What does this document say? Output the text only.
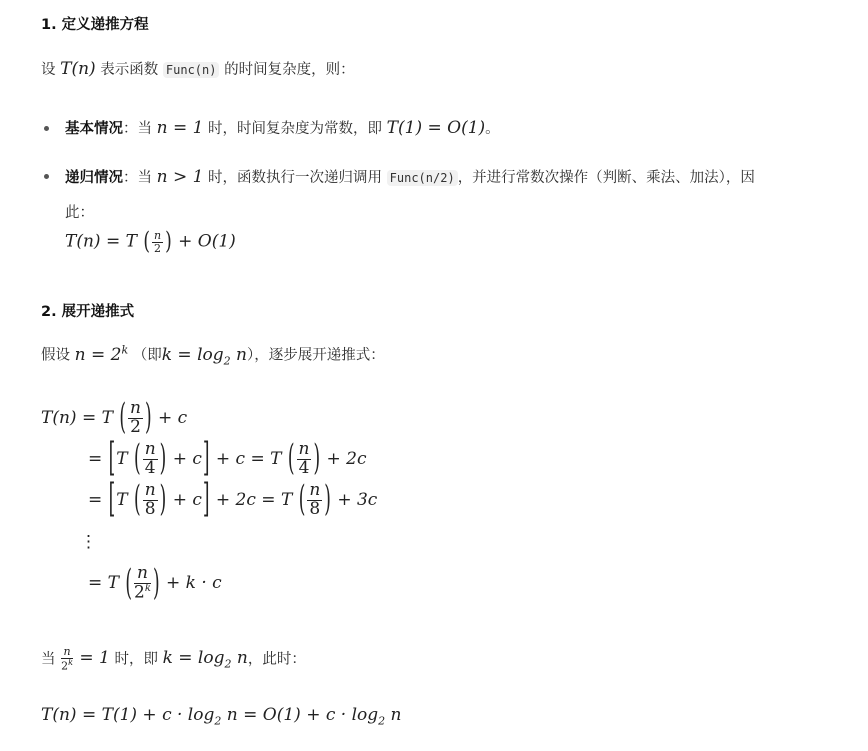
1. 定义递推方程
设 T(n) 表示函数 Func(n) 的时间复杂度，则：
基本情况：当 n = 1 时，时间复杂度为常数，即 T(1) = O(1)。
递归情况：当 n > 1 时，函数执行一次递归调用 Func(n/2) ，并进行常数次操作（判断、乘法、加法），因
此：
T(n) = T ( $\frac{n}{2}$ ) + O(1)
2. 展开递推式
假设 $n = 2^k$ （即$k = \log_2 n$），逐步展开递推式：
T(n) = T ( $\frac{n}{2}$ ) + c
= [T ( $\frac{n}{4}$ ) + c] + c = T ( $\frac{n}{4}$ ) + 2c
= [T ( $\frac{n}{8}$ ) + c] + 2c = T ( $\frac{n}{8}$ ) + 3c
⋮
= T ( $\frac{n}{2^k}$ ) + k · c
当 $\frac{n}{2^k} = 1$ 时，即 $k = \log_2 n$，此时：
$T(n) = T(1) + c \cdot \log_2 n = O(1) + c \cdot \log_2 n$
